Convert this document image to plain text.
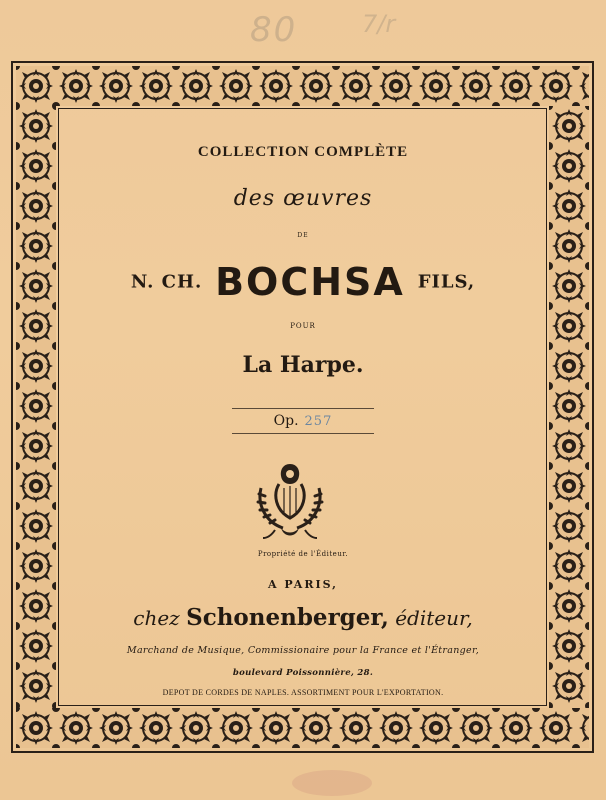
80	7/r
COLLECTION COMPLÈTE
des œuvres
DE
N. CH. BOCHSA FILS,
POUR
La Harpe.
Op. 257
Propriété de l'Éditeur.
A PARIS,
chez Schonenberger, éditeur,
Marchand de Musique, Commissionaire pour la France et l'Étranger,
boulevard Poissonnière, 28.
DEPOT DE CORDES DE NAPLES. ASSORTIMENT POUR L'EXPORTATION.
